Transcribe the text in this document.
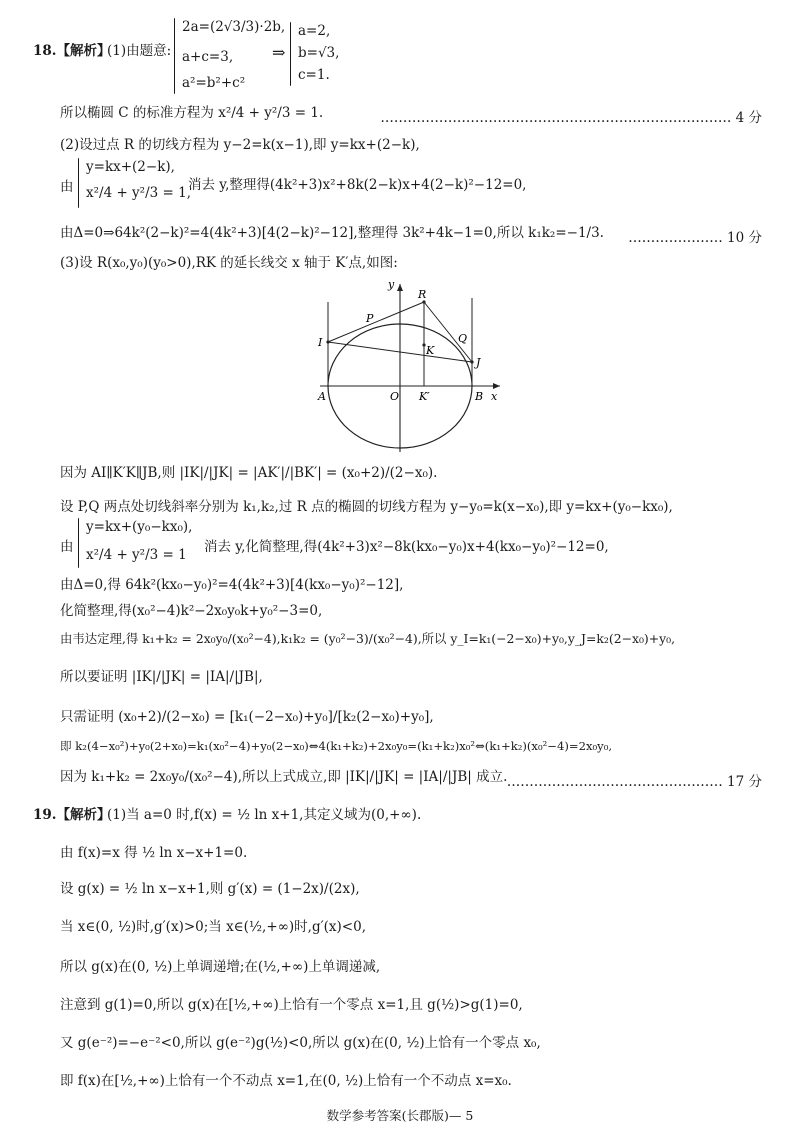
18.【解析】
(1)由题意:
2a=(2√3/3)·2b,
a+c=3,
a²=b²+c²
⇒
a=2,
b=√3,
c=1.
所以椭圆 C 的标准方程为 x²/4 + y²/3 = 1.	…………………………………………………………………… 4 分
(2)设过点 R 的切线方程为 y−2=k(x−1),即 y=kx+(2−k),
由
y=kx+(2−k),
x²/4 + y²/3 = 1,
消去 y,整理得(4k²+3)x²+8k(2−k)x+4(2−k)²−12=0,
由Δ=0⇒64k²(2−k)²=4(4k²+3)[4(2−k)²−12],整理得 3k²+4k−1=0,所以 k₁k₂=−1/3. ………………… 10 分
(3)设 R(x₀,y₀)(y₀>0),RK 的延长线交 x 轴于 K′点,如图:
y
R
P
Q
I
K
J
A	O K′	B x
因为 AI∥K′K∥JB,则 |IK|/|JK| = |AK′|/|BK′| = (x₀+2)/(2−x₀).
设 P,Q 两点处切线斜率分别为 k₁,k₂,过 R 点的椭圆的切线方程为 y−y₀=k(x−x₀),即 y=kx+(y₀−kx₀),
由
y=kx+(y₀−kx₀),
x²/4 + y²/3 = 1 消去 y,化简整理,得(4k²+3)x²−8k(kx₀−y₀)x+4(kx₀−y₀)²−12=0,
由Δ=0,得 64k²(kx₀−y₀)²=4(4k²+3)[4(kx₀−y₀)²−12],
化简整理,得(x₀²−4)k²−2x₀y₀k+y₀²−3=0,
由韦达定理,得 k₁+k₂ = 2x₀y₀/(x₀²−4),k₁k₂ = (y₀²−3)/(x₀²−4),所以 y_I=k₁(−2−x₀)+y₀,y_J=k₂(2−x₀)+y₀,
所以要证明 |IK|/|JK| = |IA|/|JB|,
只需证明 (x₀+2)/(2−x₀) = [k₁(−2−x₀)+y₀]/[k₂(2−x₀)+y₀],
即 k₂(4−x₀²)+y₀(2+x₀)=k₁(x₀²−4)+y₀(2−x₀)⇔4(k₁+k₂)+2x₀y₀=(k₁+k₂)x₀²⇔(k₁+k₂)(x₀²−4)=2x₀y₀,
因为 k₁+k₂ = 2x₀y₀/(x₀²−4),所以上式成立,即 |IK|/|JK| = |IA|/|JB| 成立. ………………………………………… 17 分
19.【解析】
(1)当 a=0 时,f(x) = ½ ln x+1,其定义域为(0,+∞).
由 f(x)=x 得 ½ ln x−x+1=0.
设 g(x) = ½ ln x−x+1,则 g′(x) = (1−2x)/(2x),
当 x∈(0, ½)时,g′(x)>0;当 x∈(½,+∞)时,g′(x)<0,
所以 g(x)在(0, ½)上单调递增;在(½,+∞)上单调递减,
注意到 g(1)=0,所以 g(x)在[½,+∞)上恰有一个零点 x=1,且 g(½)>g(1)=0,
又 g(e⁻²)=−e⁻²<0,所以 g(e⁻²)g(½)<0,所以 g(x)在(0, ½)上恰有一个零点 x₀,
即 f(x)在[½,+∞)上恰有一个不动点 x=1,在(0, ½)上恰有一个不动点 x=x₀.
数学参考答案(长郡版)— 5
